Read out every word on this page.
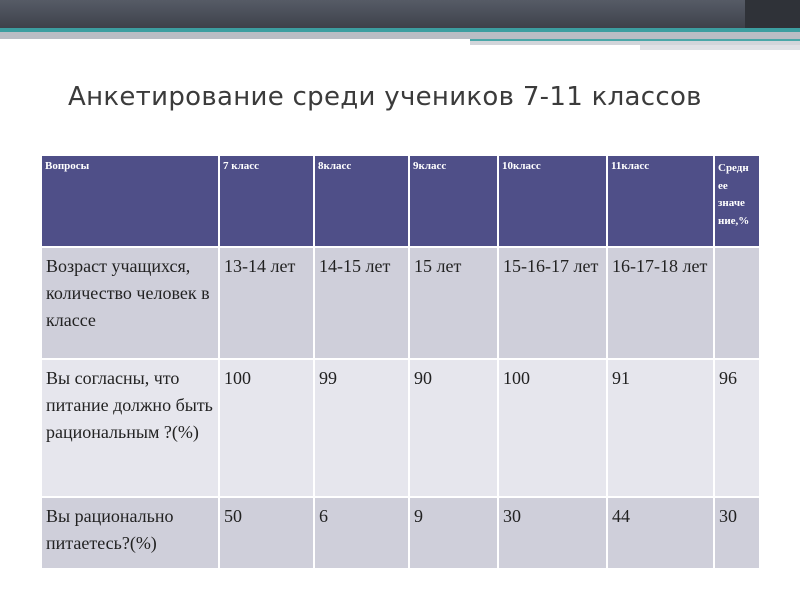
Анкетирование среди учеников 7-11 классов
Вопросы	7 класс	8класс	9класс	10класс	11класс	Средн ее значе ние,%
Возраст учащихся, количество человек в классе	13-14 лет	14-15 лет	15 лет	15-16-17 лет	16-17-18 лет	
Вы согласны, что питание должно быть рациональным ?(%)	100	99	90	100	91	96
Вы рационально питаетесь?(%)	50	6	9	30	44	30
